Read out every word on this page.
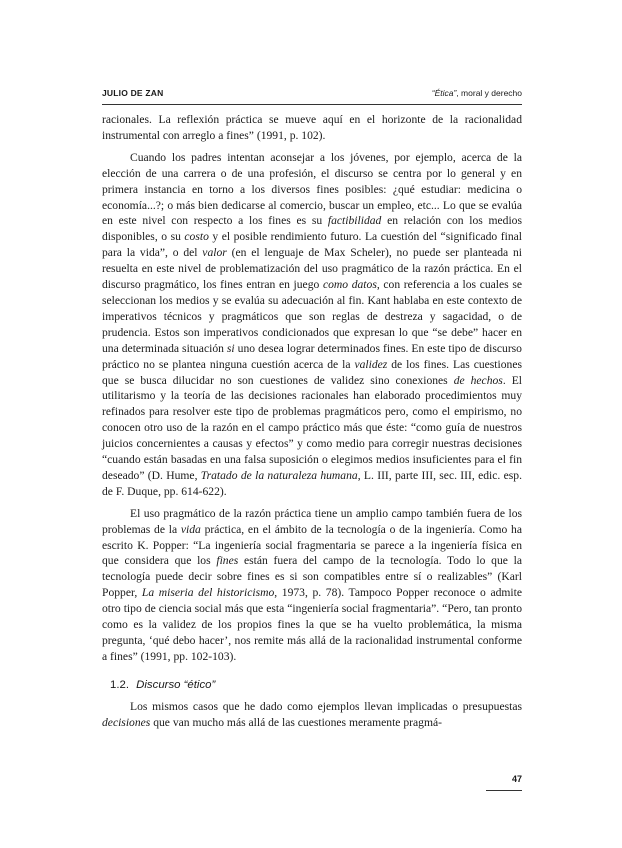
JULIO DE ZAN	“Ética”, moral y derecho

racionales. La reflexión práctica se mueve aquí en el horizonte de la racionalidad instrumental con arreglo a fines” (1991, p. 102).

Cuando los padres intentan aconsejar a los jóvenes, por ejemplo, acerca de la elección de una carrera o de una profesión, el discurso se centra por lo general y en primera instancia en torno a los diversos fines posibles: ¿qué estudiar: medicina o economía...?; o más bien dedicarse al comercio, buscar un empleo, etc... Lo que se evalúa en este nivel con respecto a los fines es su factibilidad en relación con los medios disponibles, o su costo y el posible rendimiento futuro. La cuestión del “significado final para la vida”, o del valor (en el lenguaje de Max Scheler), no puede ser planteada ni resuelta en este nivel de problematización del uso pragmático de la razón práctica. En el discurso pragmático, los fines entran en juego como datos, con referencia a los cuales se seleccionan los medios y se evalúa su adecuación al fin. Kant hablaba en este contexto de imperativos técnicos y pragmáticos que son reglas de destreza y sagacidad, o de prudencia. Estos son imperativos condicionados que expresan lo que “se debe” hacer en una determinada situación si uno desea lograr determinados fines. En este tipo de discurso práctico no se plantea ninguna cuestión acerca de la validez de los fines. Las cuestiones que se busca dilucidar no son cuestiones de validez sino conexiones de hechos. El utilitarismo y la teoría de las decisiones racionales han elaborado procedimientos muy refinados para resolver este tipo de problemas pragmáticos pero, como el empirismo, no conocen otro uso de la razón en el campo práctico más que éste: “como guía de nuestros juicios concernientes a causas y efectos” y como medio para corregir nuestras decisiones “cuando están basadas en una falsa suposición o elegimos medios insuficientes para el fin deseado” (D. Hume, Tratado de la naturaleza humana, L. III, parte III, sec. III, edic. esp. de F. Duque, pp. 614-622).

El uso pragmático de la razón práctica tiene un amplio campo también fuera de los problemas de la vida práctica, en el ámbito de la tecnología o de la ingeniería. Como ha escrito K. Popper: “La ingeniería social fragmentaria se parece a la ingeniería física en que considera que los fines están fuera del campo de la tecnología. Todo lo que la tecnología puede decir sobre fines es si son compatibles entre sí o realizables” (Karl Popper, La miseria del historicismo, 1973, p. 78). Tampoco Popper reconoce o admite otro tipo de ciencia social más que esta “ingeniería social fragmentaria”. “Pero, tan pronto como es la validez de los propios fines la que se ha vuelto problemática, la misma pregunta, ‘qué debo hacer’, nos remite más allá de la racionalidad instrumental conforme a fines” (1991, pp. 102-103).

1.2. Discurso “ético”

Los mismos casos que he dado como ejemplos llevan implicadas o presupuestas decisiones que van mucho más allá de las cuestiones meramente pragmá-

47
